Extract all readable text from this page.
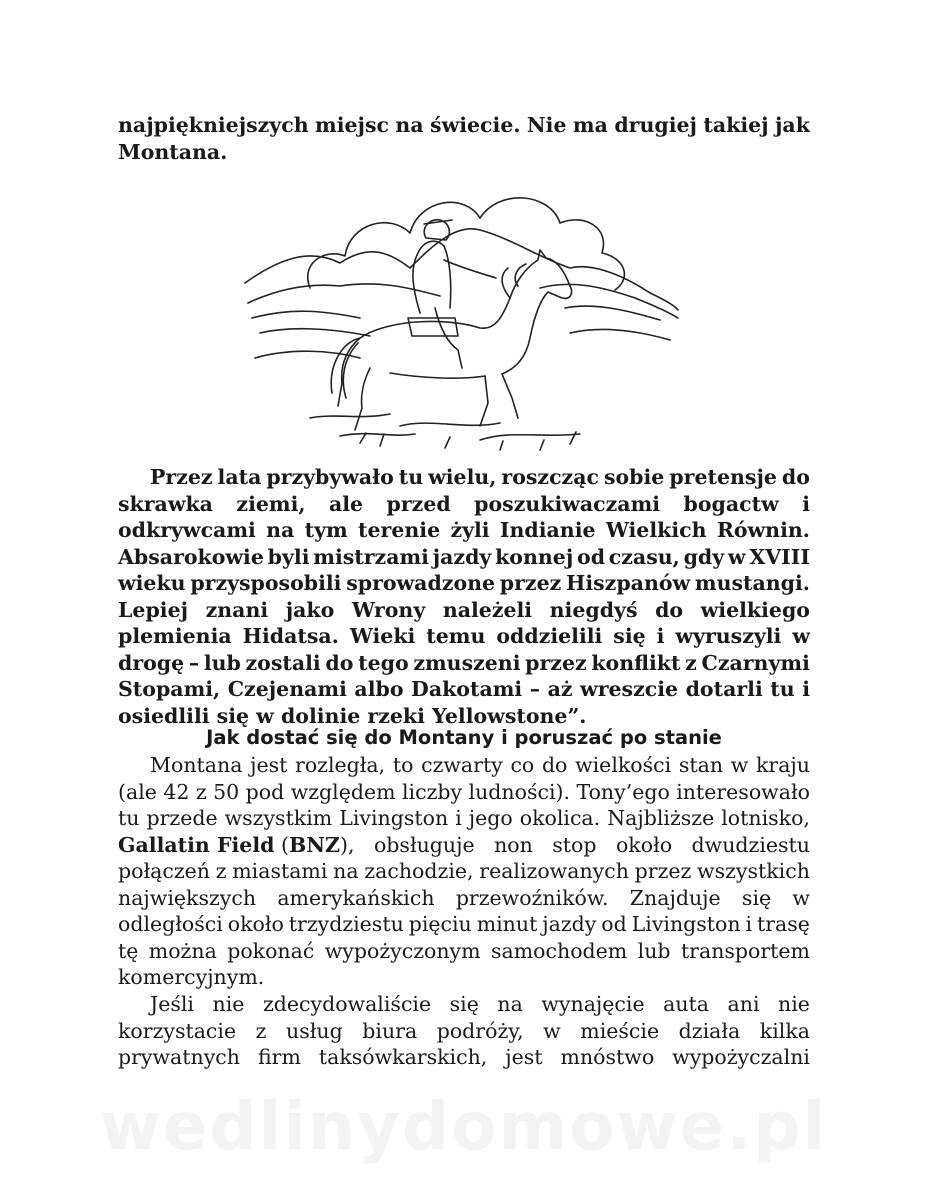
najpiękniejszych miejsc na świecie. Nie ma drugiej takiej jak
Montana.
Przez lata przybywało tu wielu, roszcząc sobie pretensje do
skrawka ziemi, ale przed poszukiwaczami bogactw i
odkrywcami na tym terenie żyli Indianie Wielkich Równin.
Absarokowie byli mistrzami jazdy konnej od czasu, gdy w XVIII
wieku przysposobili sprowadzone przez Hiszpanów mustangi.
Lepiej znani jako Wrony należeli niegdyś do wielkiego
plemienia Hidatsa. Wieki temu oddzielili się i wyruszyli w
drogę – lub zostali do tego zmuszeni przez konflikt z Czarnymi
Stopami, Czejenami albo Dakotami – aż wreszcie dotarli tu i
osiedlili się w dolinie rzeki Yellowstone”.
Jak dostać się do Montany i poruszać po stanie
Montana jest rozległa, to czwarty co do wielkości stan w kraju
(ale 42 z 50 pod względem liczby ludności). Tony’ego interesowało
tu przede wszystkim Livingston i jego okolica. Najbliższe lotnisko,
Gallatin Field (BNZ), obsługuje non stop około dwudziestu
połączeń z miastami na zachodzie, realizowanych przez wszystkich
największych amerykańskich przewoźników. Znajduje się w
odległości około trzydziestu pięciu minut jazdy od Livingston i trasę
tę można pokonać wypożyczonym samochodem lub transportem
komercyjnym.
Jeśli nie zdecydowaliście się na wynajęcie auta ani nie
korzystacie z usług biura podróży, w mieście działa kilka
prywatnych firm taksówkarskich, jest mnóstwo wypożyczalni
wedlinydomowe.pl
